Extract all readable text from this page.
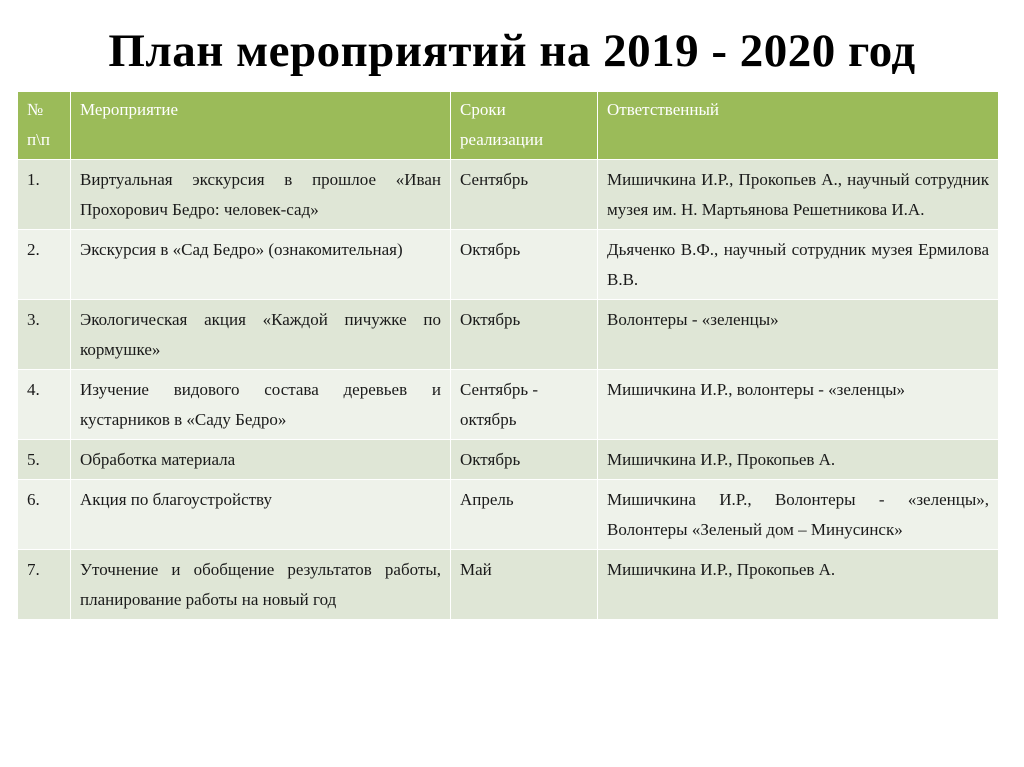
План мероприятий на 2019 - 2020 год
№ п\п	Мероприятие	Сроки реализации	Ответственный
1.	Виртуальная экскурсия в прошлое «Иван Прохорович Бедро: человек-сад»	Сентябрь	Мишичкина И.Р., Прокопьев А., научный сотрудник музея им. Н. Мартьянова Решетникова И.А.
2.	Экскурсия в «Сад Бедро» (ознакомительная)	Октябрь	Дьяченко В.Ф., научный сотрудник музея Ермилова В.В.
3.	Экологическая акция «Каждой пичужке по кормушке»	Октябрь	Волонтеры - «зеленцы»
4.	Изучение видового состава деревьев и кустарников в «Саду Бедро»	Сентябрь - октябрь	Мишичкина И.Р., волонтеры - «зеленцы»
5.	Обработка материала	Октябрь	Мишичкина И.Р., Прокопьев А.
6.	Акция по благоустройству	Апрель	Мишичкина И.Р., Волонтеры - «зеленцы», Волонтеры «Зеленый дом – Минусинск»
7.	Уточнение и обобщение результатов работы, планирование работы на новый год	Май	Мишичкина И.Р., Прокопьев А.
